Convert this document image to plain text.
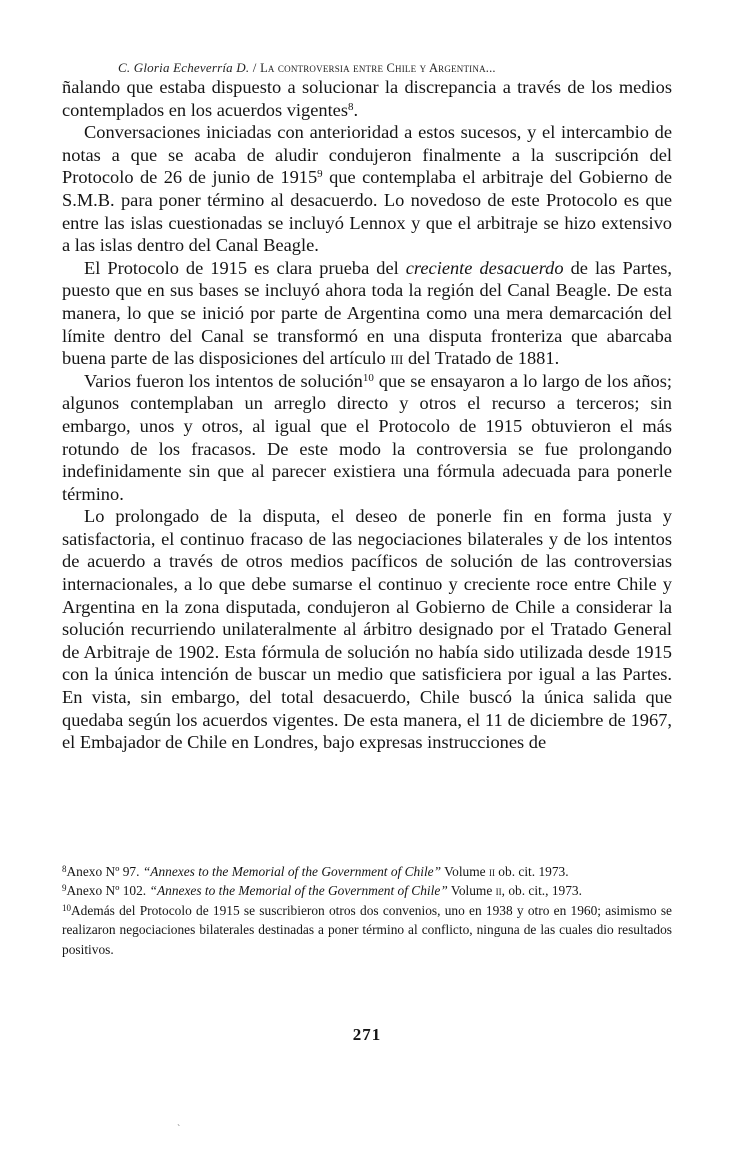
C. Gloria Echeverría D. / La controversia entre Chile y Argentina...

ñalando que estaba dispuesto a solucionar la discrepancia a través de los medios contemplados en los acuerdos vigentes$^8$.

Conversaciones iniciadas con anterioridad a estos sucesos, y el intercambio de notas a que se acaba de aludir condujeron finalmente a la suscripción del Protocolo de 26 de junio de 1915$^9$ que contemplaba el arbitraje del Gobierno de S.M.B. para poner término al desacuerdo. Lo novedoso de este Protocolo es que entre las islas cuestionadas se incluyó Lennox y que el arbitraje se hizo extensivo a las islas dentro del Canal Beagle.

El Protocolo de 1915 es clara prueba del creciente desacuerdo de las Partes, puesto que en sus bases se incluyó ahora toda la región del Canal Beagle. De esta manera, lo que se inició por parte de Argentina como una mera demarcación del límite dentro del Canal se transformó en una disputa fronteriza que abarcaba buena parte de las disposiciones del artículo iii del Tratado de 1881.

Varios fueron los intentos de solución$^{10}$ que se ensayaron a lo largo de los años; algunos contemplaban un arreglo directo y otros el recurso a terceros; sin embargo, unos y otros, al igual que el Protocolo de 1915 obtuvieron el más rotundo de los fracasos. De este modo la controversia se fue prolongando indefinidamente sin que al parecer existiera una fórmula adecuada para ponerle término.

Lo prolongado de la disputa, el deseo de ponerle fin en forma justa y satisfactoria, el continuo fracaso de las negociaciones bilaterales y de los intentos de acuerdo a través de otros medios pacíficos de solución de las controversias internacionales, a lo que debe sumarse el continuo y creciente roce entre Chile y Argentina en la zona disputada, condujeron al Gobierno de Chile a considerar la solución recurriendo unilateralmente al árbitro designado por el Tratado General de Arbitraje de 1902. Esta fórmula de solución no había sido utilizada desde 1915 con la única intención de buscar un medio que satisficiera por igual a las Partes. En vista, sin embargo, del total desacuerdo, Chile buscó la única salida que quedaba según los acuerdos vigentes. De esta manera, el 11 de diciembre de 1967, el Embajador de Chile en Londres, bajo expresas instrucciones de

$^8$Anexo Nº 97. “Annexes to the Memorial of the Government of Chile” Volume ii ob. cit. 1973.

$^9$Anexo Nº 102. “Annexes to the Memorial of the Government of Chile” Volume ii, ob. cit., 1973.

$^{10}$Además del Protocolo de 1915 se suscribieron otros dos convenios, uno en 1938 y otro en 1960; asimismo se realizaron negociaciones bilaterales destinadas a poner término al conflicto, ninguna de las cuales dio resultados positivos.

271
`
